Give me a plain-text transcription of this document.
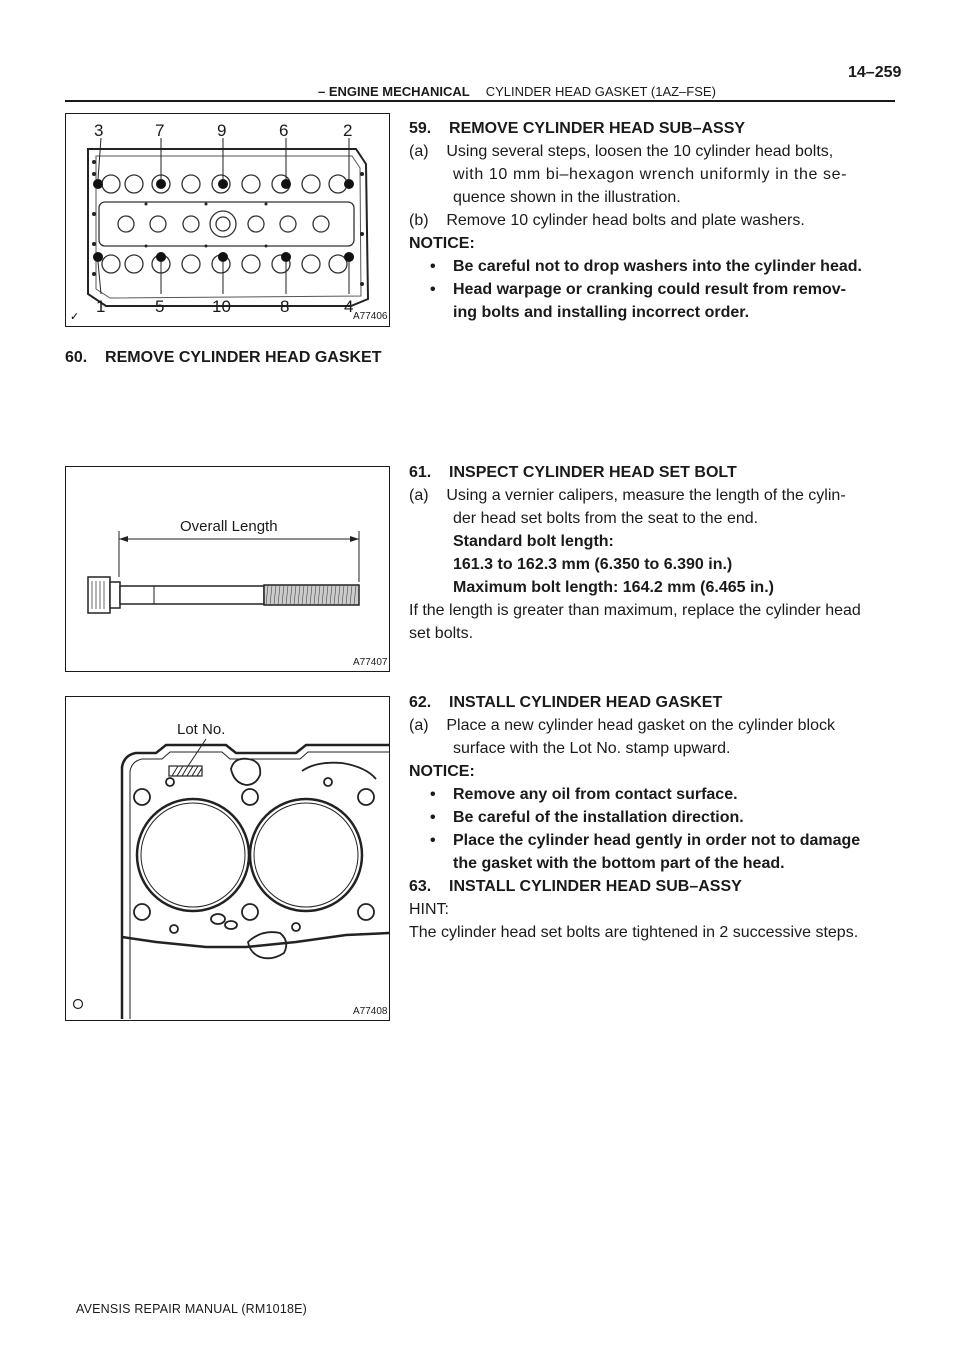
14–259
– ENGINE MECHANICAL CYLINDER HEAD GASKET (1AZ–FSE)
✓
3	7	9	6	2
1	5	10	8	4
A77406
Overall Length
A77407
Lot No.
A77408
59.    REMOVE CYLINDER HEAD SUB–ASSY
(a)    Using several steps, loosen the 10 cylinder head bolts,
with 10 mm bi–hexagon wrench uniformly in the se-
quence shown in the illustration.
(b)    Remove 10 cylinder head bolts and plate washers.
NOTICE:
• Be careful not to drop washers into the cylinder head.
• Head warpage or cranking could result from remov-
ing bolts and installing incorrect order.
60.    REMOVE CYLINDER HEAD GASKET
61.    INSPECT CYLINDER HEAD SET BOLT
(a)    Using a vernier calipers, measure the length of the cylin-
der head set bolts from the seat to the end.
Standard bolt length:
161.3 to 162.3 mm (6.350 to 6.390 in.)
Maximum bolt length: 164.2 mm (6.465 in.)
If the length is greater than maximum, replace the cylinder head
set bolts.
62.    INSTALL CYLINDER HEAD GASKET
(a)    Place a new cylinder head gasket on the cylinder block
surface with the Lot No. stamp upward.
NOTICE:
• Remove any oil from contact surface.
• Be careful of the installation direction.
• Place the cylinder head gently in order not to damage
the gasket with the bottom part of the head.
63.    INSTALL CYLINDER HEAD SUB–ASSY
HINT:
The cylinder head set bolts are tightened in 2 successive steps.
AVENSIS REPAIR MANUAL (RM1018E)
